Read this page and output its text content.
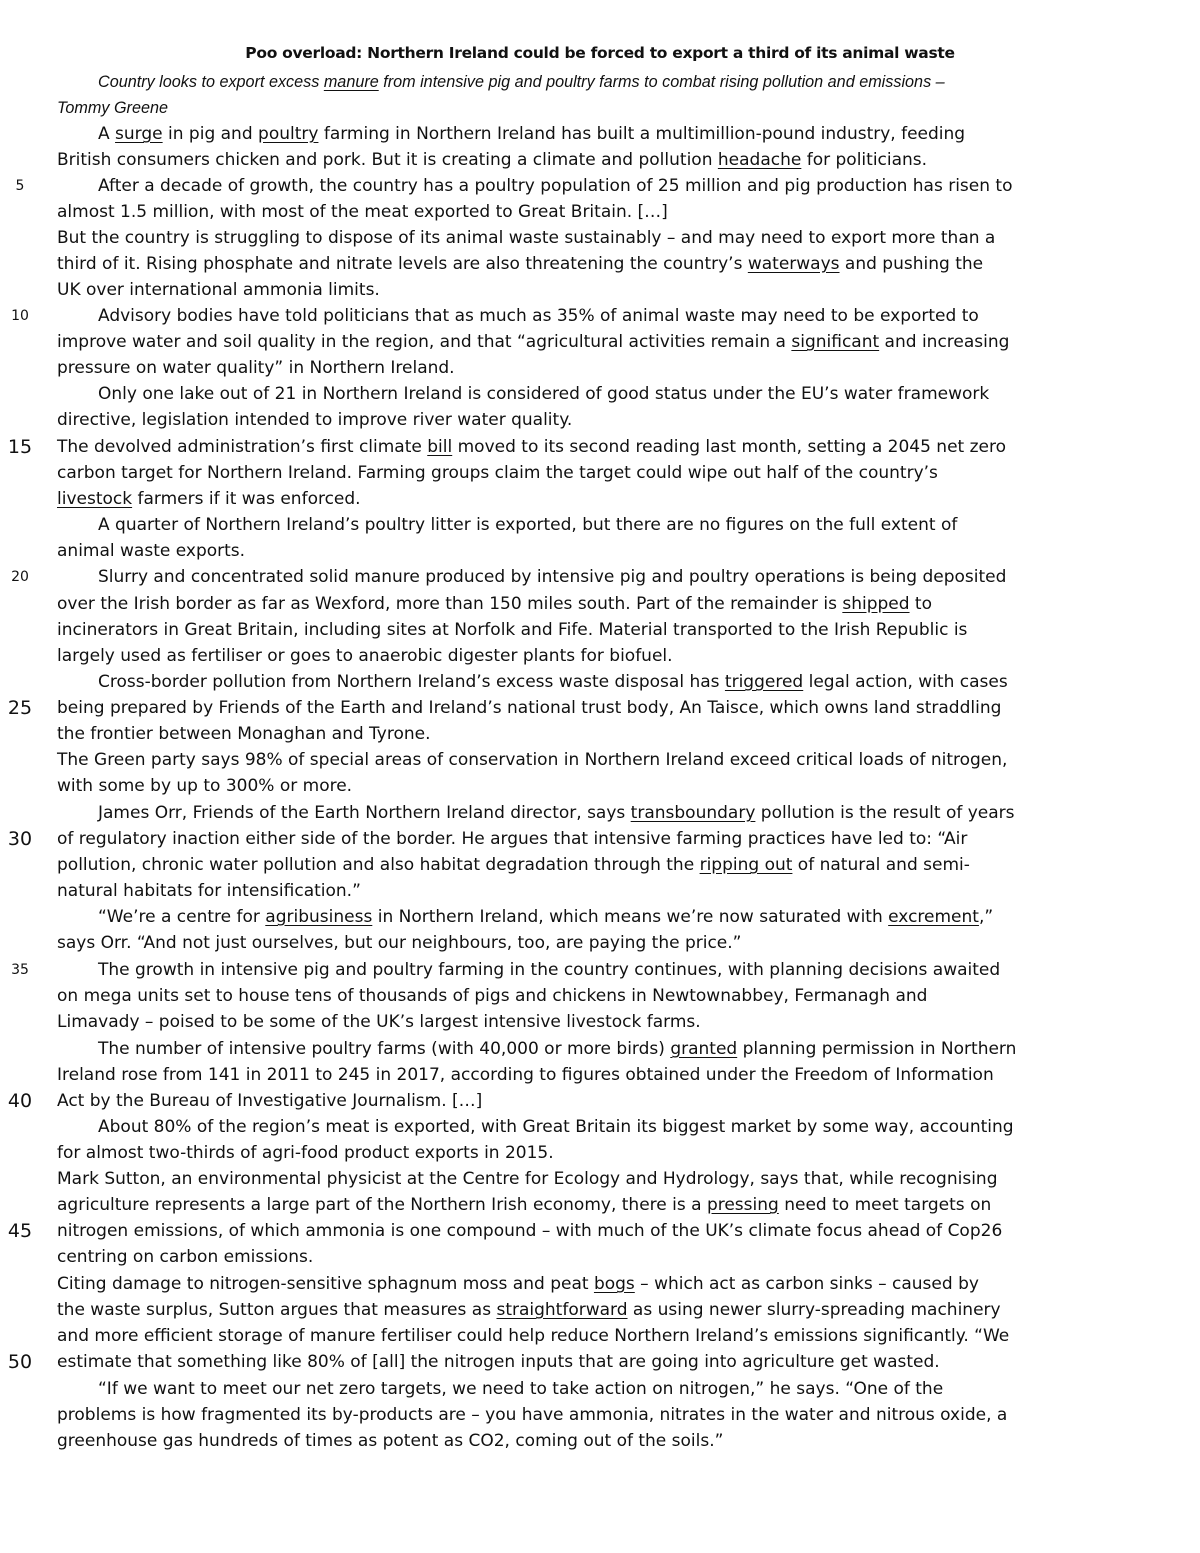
Poo overload: Northern Ireland could be forced to export a third of its animal waste
Country looks to export excess manure from intensive pig and poultry farms to combat rising pollution and emissions –
Tommy Greene
A surge in pig and poultry farming in Northern Ireland has built a multimillion-pound industry, feeding
British consumers chicken and pork. But it is creating a climate and pollution headache for politicians.
After a decade of growth, the country has a poultry population of 25 million and pig production has risen to
almost 1.5 million, with most of the meat exported to Great Britain. […]
But the country is struggling to dispose of its animal waste sustainably – and may need to export more than a
third of it. Rising phosphate and nitrate levels are also threatening the country’s waterways and pushing the
UK over international ammonia limits.
Advisory bodies have told politicians that as much as 35% of animal waste may need to be exported to
improve water and soil quality in the region, and that “agricultural activities remain a significant and increasing
pressure on water quality” in Northern Ireland.
Only one lake out of 21 in Northern Ireland is considered of good status under the EU’s water framework
directive, legislation intended to improve river water quality.
The devolved administration’s first climate bill moved to its second reading last month, setting a 2045 net zero
carbon target for Northern Ireland. Farming groups claim the target could wipe out half of the country’s
livestock farmers if it was enforced.
A quarter of Northern Ireland’s poultry litter is exported, but there are no figures on the full extent of
animal waste exports.
Slurry and concentrated solid manure produced by intensive pig and poultry operations is being deposited
over the Irish border as far as Wexford, more than 150 miles south. Part of the remainder is shipped to
incinerators in Great Britain, including sites at Norfolk and Fife. Material transported to the Irish Republic is
largely used as fertiliser or goes to anaerobic digester plants for biofuel.
Cross-border pollution from Northern Ireland’s excess waste disposal has triggered legal action, with cases
being prepared by Friends of the Earth and Ireland’s national trust body, An Taisce, which owns land straddling
the frontier between Monaghan and Tyrone.
The Green party says 98% of special areas of conservation in Northern Ireland exceed critical loads of nitrogen,
with some by up to 300% or more.
James Orr, Friends of the Earth Northern Ireland director, says transboundary pollution is the result of years
of regulatory inaction either side of the border. He argues that intensive farming practices have led to: “Air
pollution, chronic water pollution and also habitat degradation through the ripping out of natural and semi-
natural habitats for intensification.”
“We’re a centre for agribusiness in Northern Ireland, which means we’re now saturated with excrement,”
says Orr. “And not just ourselves, but our neighbours, too, are paying the price.”
The growth in intensive pig and poultry farming in the country continues, with planning decisions awaited
on mega units set to house tens of thousands of pigs and chickens in Newtownabbey, Fermanagh and
Limavady – poised to be some of the UK’s largest intensive livestock farms.
The number of intensive poultry farms (with 40,000 or more birds) granted planning permission in Northern
Ireland rose from 141 in 2011 to 245 in 2017, according to figures obtained under the Freedom of Information
Act by the Bureau of Investigative Journalism. […]
About 80% of the region’s meat is exported, with Great Britain its biggest market by some way, accounting
for almost two-thirds of agri-food product exports in 2015.
Mark Sutton, an environmental physicist at the Centre for Ecology and Hydrology, says that, while recognising
agriculture represents a large part of the Northern Irish economy, there is a pressing need to meet targets on
nitrogen emissions, of which ammonia is one compound – with much of the UK’s climate focus ahead of Cop26
centring on carbon emissions.
Citing damage to nitrogen-sensitive sphagnum moss and peat bogs – which act as carbon sinks – caused by
the waste surplus, Sutton argues that measures as straightforward as using newer slurry-spreading machinery
and more efficient storage of manure fertiliser could help reduce Northern Ireland’s emissions significantly. “We
estimate that something like 80% of [all] the nitrogen inputs that are going into agriculture get wasted.
“If we want to meet our net zero targets, we need to take action on nitrogen,” he says. “One of the
problems is how fragmented its by-products are – you have ammonia, nitrates in the water and nitrous oxide, a
greenhouse gas hundreds of times as potent as CO2, coming out of the soils.”
5
10
15
20
25
30
35
40
45
50
